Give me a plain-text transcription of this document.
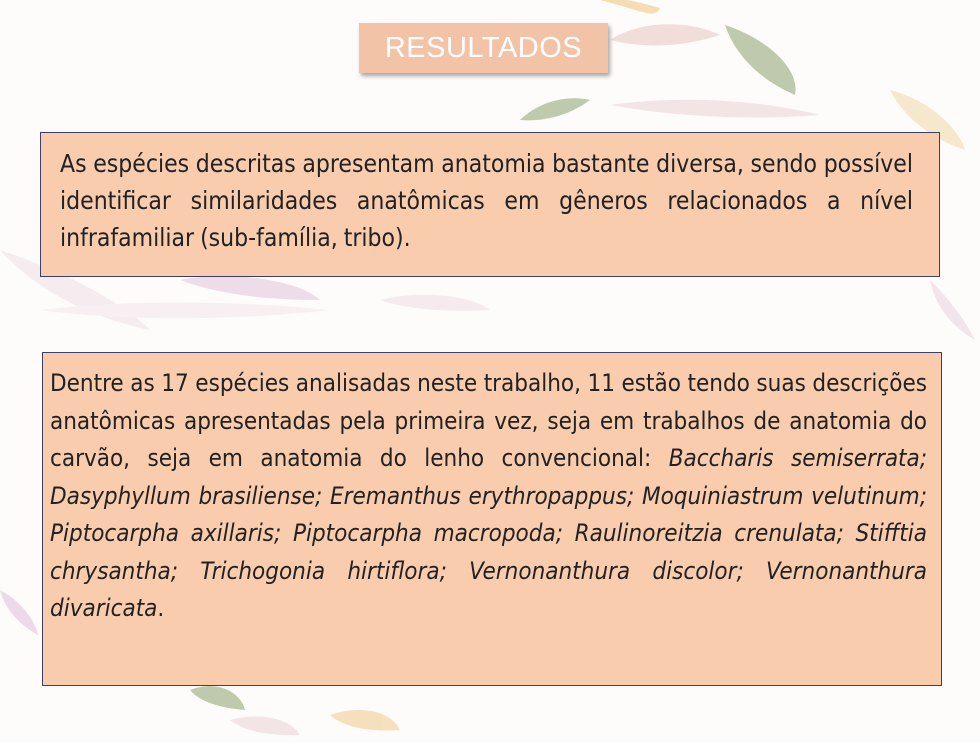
RESULTADOS

As espécies descritas apresentam anatomia bastante diversa, sendo possível identificar similaridades anatômicas em gêneros relacionados a nível infrafamiliar (sub-família, tribo).

Dentre as 17 espécies analisadas neste trabalho, 11 estão tendo suas descrições anatômicas apresentadas pela primeira vez, seja em trabalhos de anatomia do carvão, seja em anatomia do lenho convencional: Baccharis semiserrata; Dasyphyllum brasiliense; Eremanthus erythropappus; Moquiniastrum velutinum; Piptocarpha axillaris; Piptocarpha macropoda; Raulinoreitzia crenulata; Stifftia chrysantha; Trichogonia hirtiflora; Vernonanthura discolor; Vernonanthura divaricata.
